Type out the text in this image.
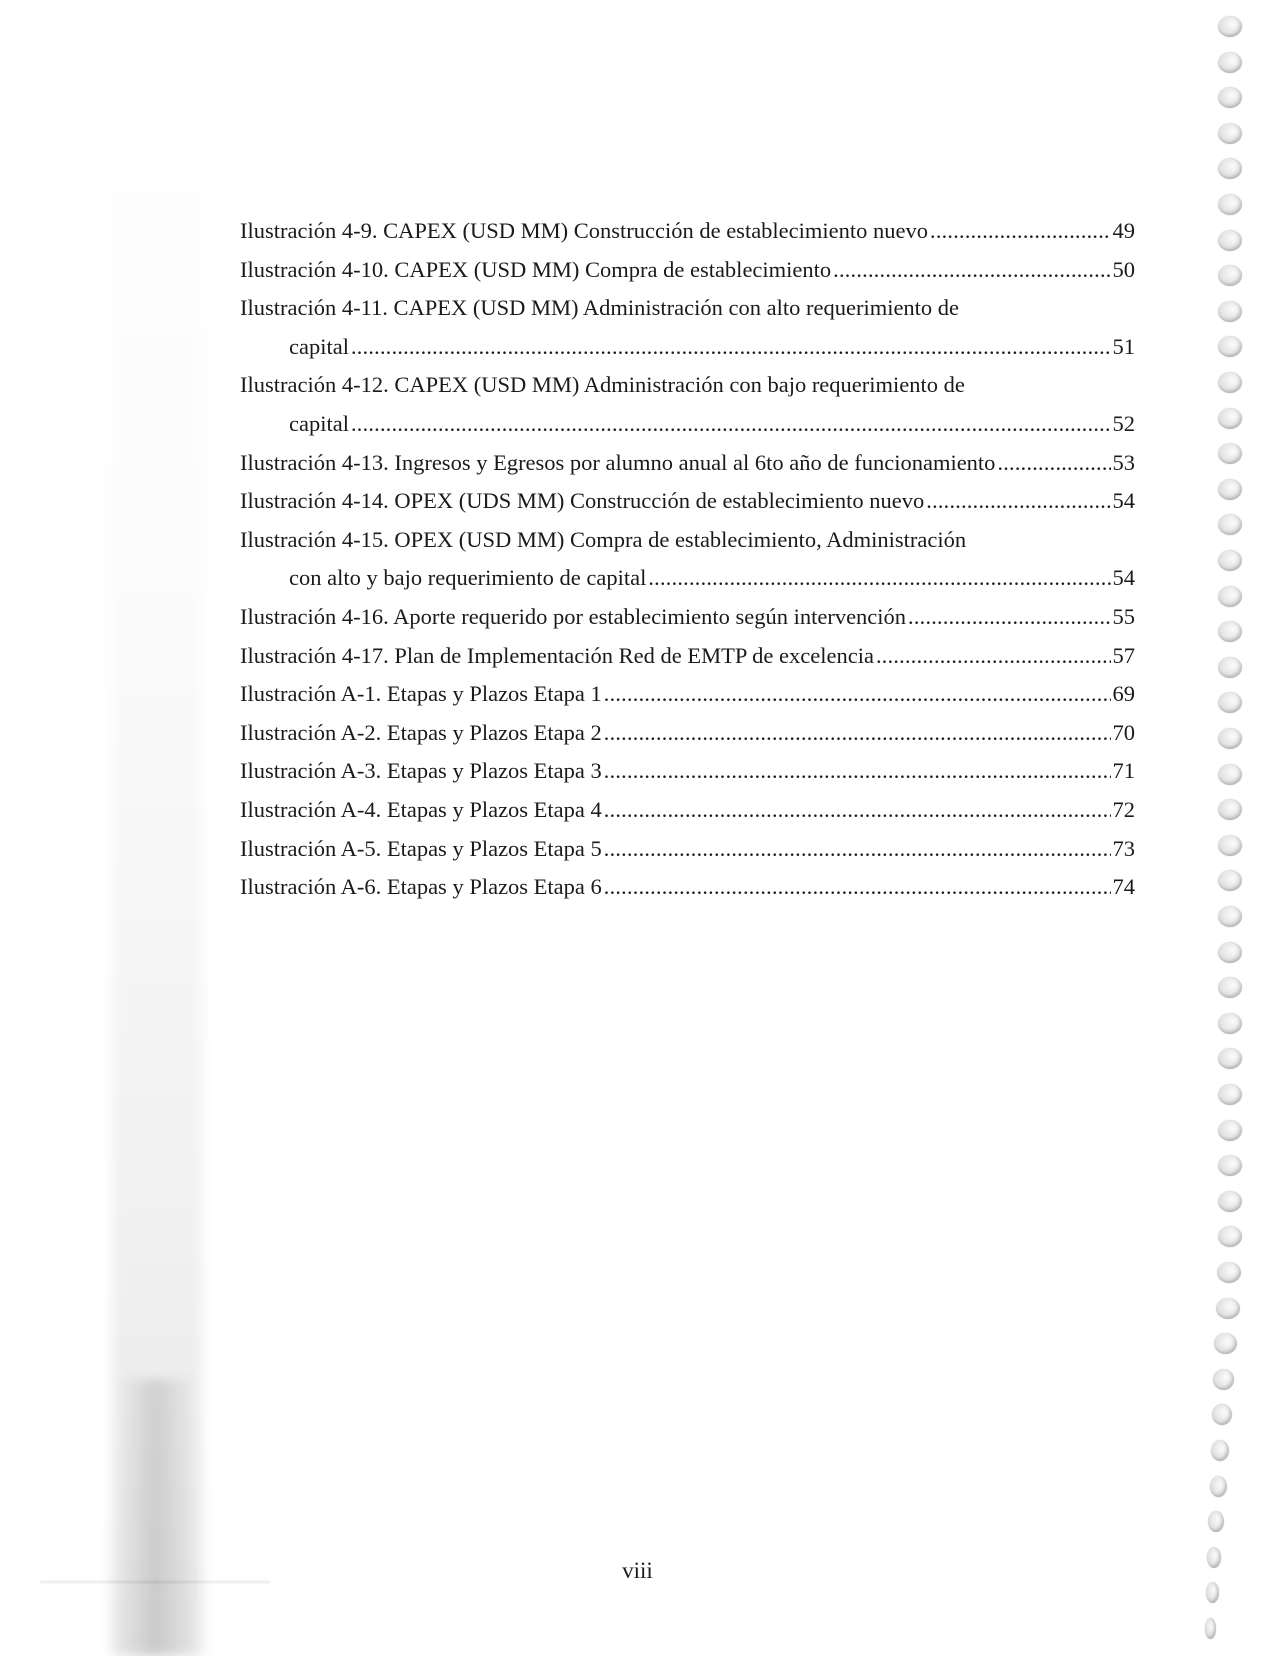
Ilustración 4-9. CAPEX (USD MM) Construcción de establecimiento nuevo . . .	49
Ilustración 4-10. CAPEX (USD MM) Compra de establecimiento . . .	50
Ilustración 4-11. CAPEX (USD MM) Administración con alto requerimiento de
capital . . .	51
Ilustración 4-12. CAPEX (USD MM) Administración con bajo requerimiento de
capital . . .	52
Ilustración 4-13. Ingresos y Egresos por alumno anual al 6to año de funcionamiento . . .	53
Ilustración 4-14. OPEX (UDS MM) Construcción de establecimiento nuevo . . .	54
Ilustración 4-15. OPEX (USD MM) Compra de establecimiento, Administración
con alto y bajo requerimiento de capital . . .	54
Ilustración 4-16. Aporte requerido por establecimiento según intervención . . .	55
Ilustración 4-17. Plan de Implementación Red de EMTP de excelencia . . .	57
Ilustración A-1. Etapas y Plazos Etapa 1 . . .	69
Ilustración A-2. Etapas y Plazos Etapa 2 . . .	70
Ilustración A-3. Etapas y Plazos Etapa 3 . . .	71
Ilustración A-4. Etapas y Plazos Etapa 4 . . .	72
Ilustración A-5. Etapas y Plazos Etapa 5 . . .	73
Ilustración A-6. Etapas y Plazos Etapa 6 . . .	74
viii
